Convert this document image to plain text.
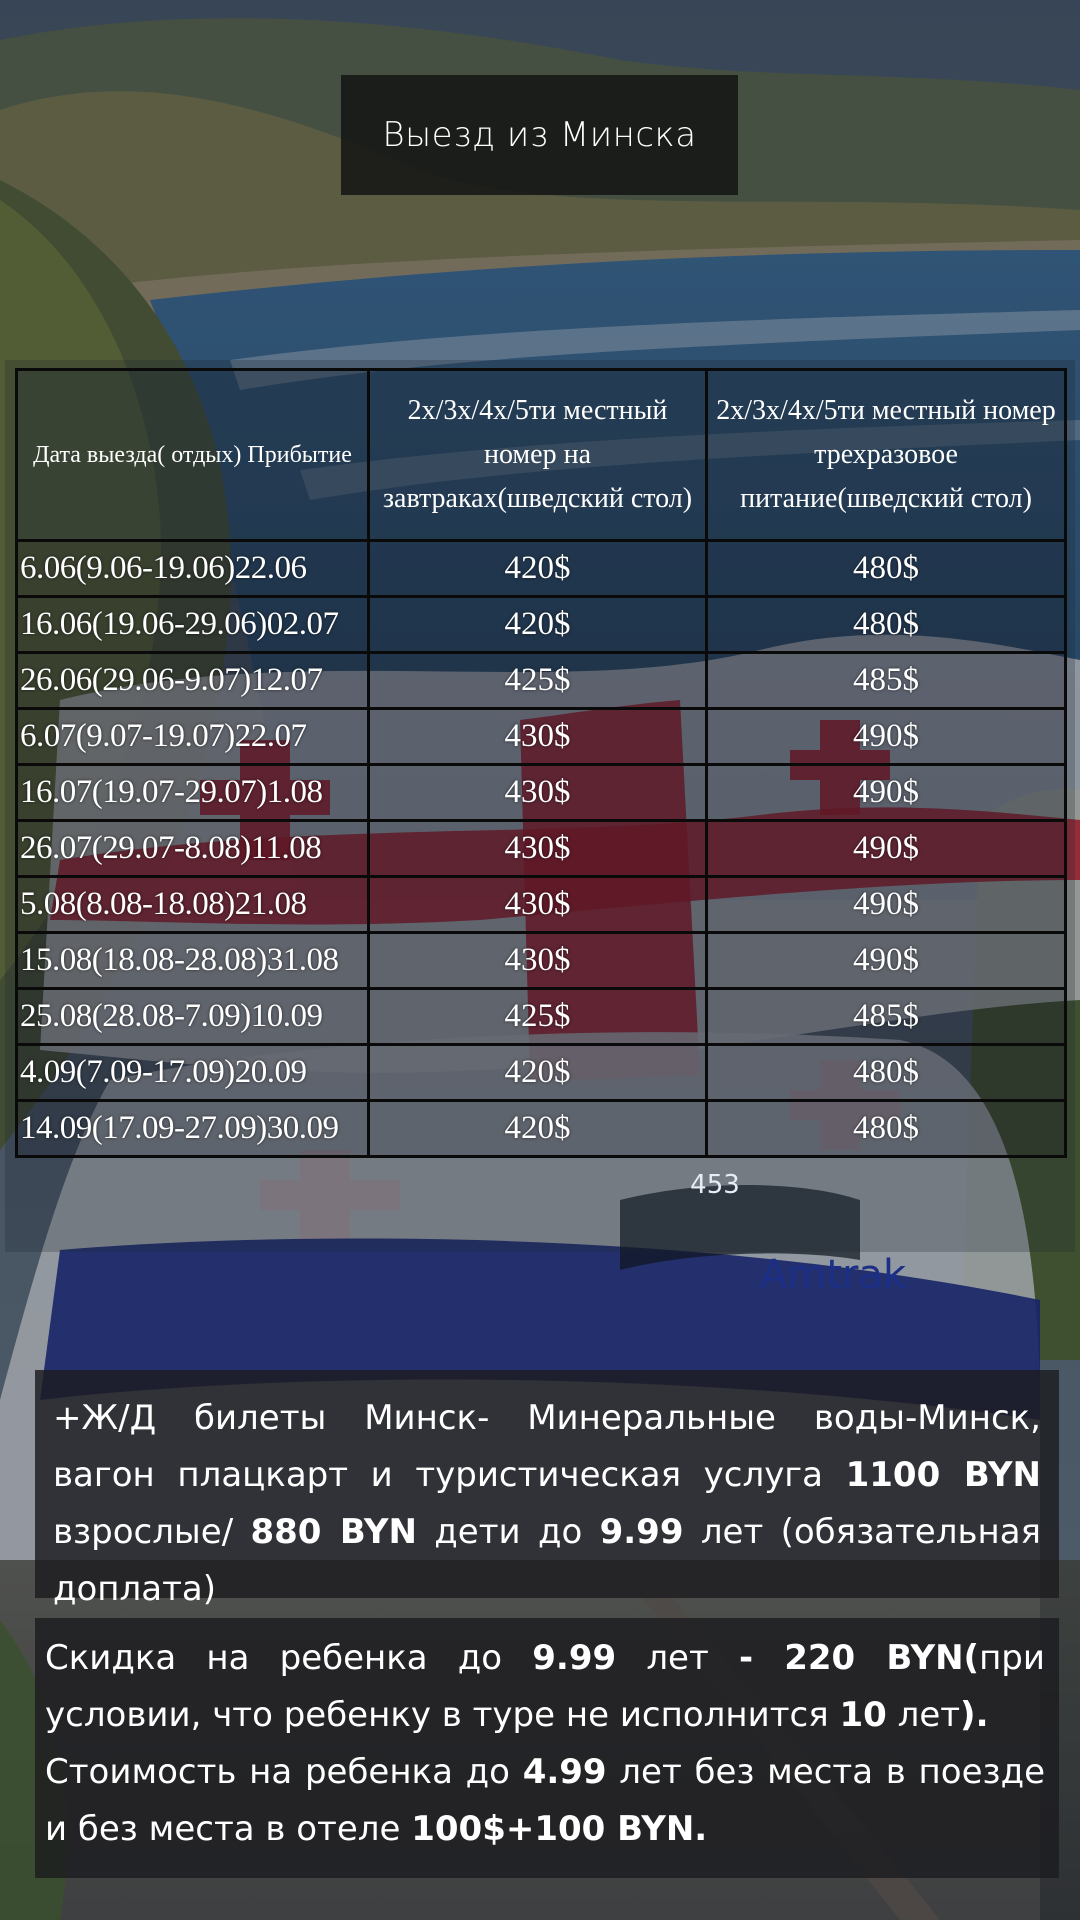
453
Amtrak
Выезд из Минска
Дата выезда( отдых) Прибытие	2х/3х/4х/5ти местный номер на завтраках(шведский стол)	2х/3х/4х/5ти местный номер трехразовое питание(шведский стол)
6.06(9.06-19.06)22.06	420$	480$
16.06(19.06-29.06)02.07	420$	480$
26.06(29.06-9.07)12.07	425$	485$
6.07(9.07-19.07)22.07	430$	490$
16.07(19.07-29.07)1.08	430$	490$
26.07(29.07-8.08)11.08	430$	490$
5.08(8.08-18.08)21.08	430$	490$
15.08(18.08-28.08)31.08	430$	490$
25.08(28.08-7.09)10.09	425$	485$
4.09(7.09-17.09)20.09	420$	480$
14.09(17.09-27.09)30.09	420$	480$
+Ж/Д билеты Минск- Минеральные воды-Минск, вагон плацкарт и туристическая услуга 1100 BYN взрослые/ 880 BYN дети до 9.99 лет (обязательная доплата)
Скидка на ребенка до 9.99 лет - 220 BYN(при условии, что ребенку в туре не исполнится 10 лет).
Стоимость на ребенка до 4.99 лет без места в поезде и без места в отеле 100$+100 BYN.
